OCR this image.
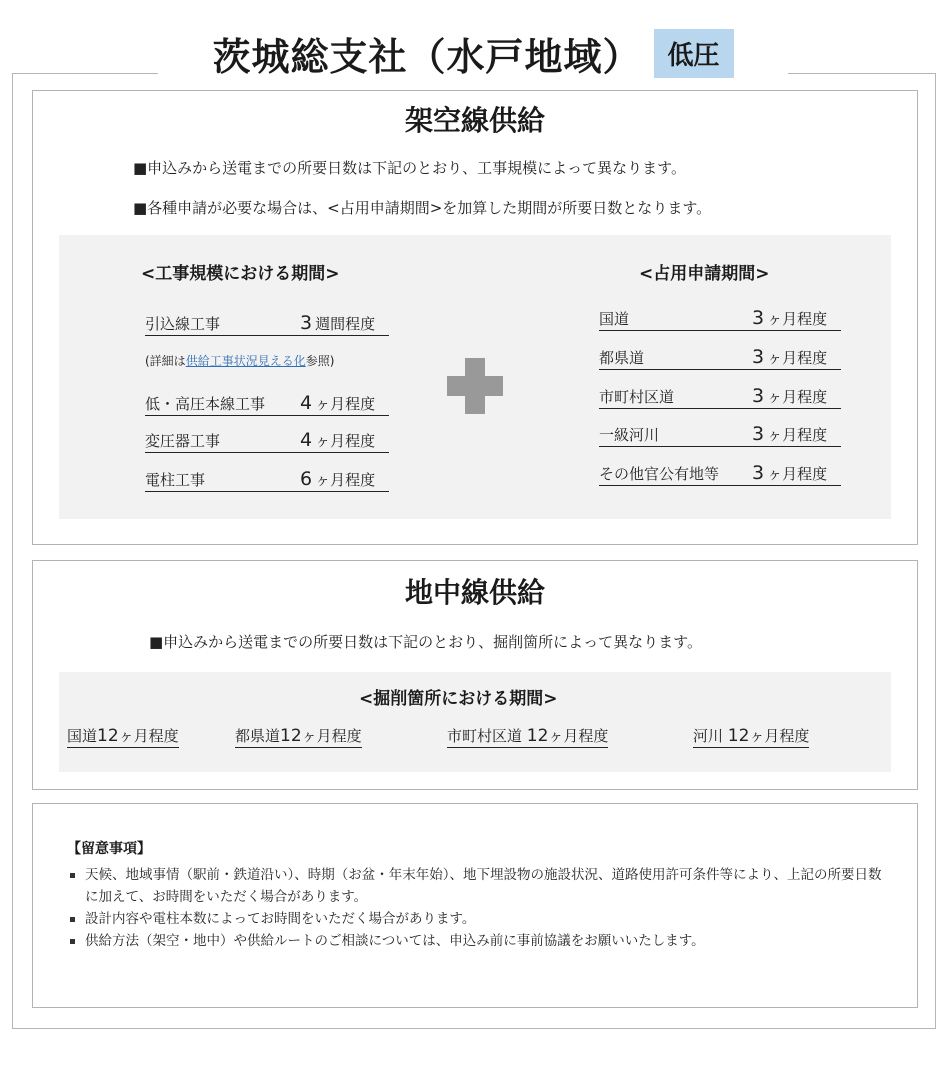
茨城総支社（水戸地域）	低圧
架空線供給
■申込みから送電までの所要日数は下記のとおり、工事規模によって異なります。
■各種申請が必要な場合は、<占用申請期間>を加算した期間が所要日数となります。
<工事規模における期間>
引込線工事	3 週間程度
(詳細は供給工事状況見える化参照)
低・高圧本線工事	4 ヶ月程度
変圧器工事	4 ヶ月程度
電柱工事	6 ヶ月程度
<占用申請期間>
国道	3 ヶ月程度
都県道	3 ヶ月程度
市町村区道	3 ヶ月程度
一級河川	3 ヶ月程度
その他官公有地等	3 ヶ月程度
地中線供給
■申込みから送電までの所要日数は下記のとおり、掘削箇所によって異なります。
<掘削箇所における期間>
国道12ヶ月程度	都県道12ヶ月程度	市町村区道 12ヶ月程度	河川 12ヶ月程度
【留意事項】
天候、地域事情（駅前・鉄道沿い）、時期（お盆・年末年始）、地下埋設物の施設状況、道路使用許可条件等により、上記の所要日数に加えて、お時間をいただく場合があります。
設計内容や電柱本数によってお時間をいただく場合があります。
供給方法（架空・地中）や供給ルートのご相談については、申込み前に事前協議をお願いいたします。
